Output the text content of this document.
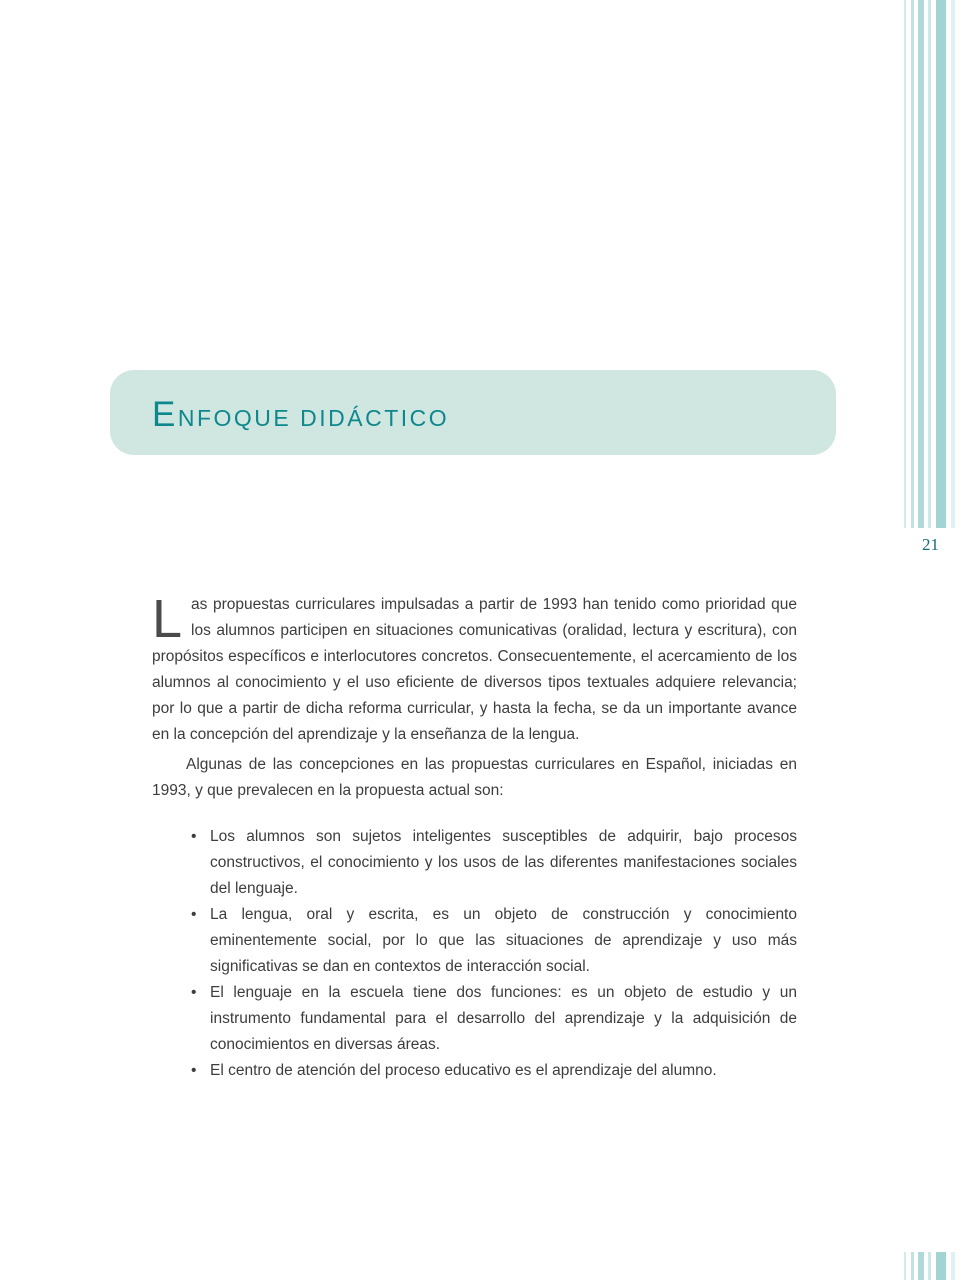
E NFOQUE DIDÁCTICO
21

Las propuestas curriculares impulsadas a partir de 1993 han tenido como prioridad que los alumnos participen en situaciones comunicativas (oralidad, lectura y escritura), con propósitos específicos e interlocutores concretos. Consecuentemente, el acercamiento de los alumnos al conocimiento y el uso eficiente de diversos tipos textuales adquiere relevancia; por lo que a partir de dicha reforma curricular, y hasta la fecha, se da un importante avance en la concepción del aprendizaje y la enseñanza de la lengua.

Algunas de las concepciones en las propuestas curriculares en Español, iniciadas en 1993, y que prevalecen en la propuesta actual son:

• Los alumnos son sujetos inteligentes susceptibles de adquirir, bajo procesos constructivos, el conocimiento y los usos de las diferentes manifestaciones sociales del lenguaje.
• La lengua, oral y escrita, es un objeto de construcción y conocimiento eminentemente social, por lo que las situaciones de aprendizaje y uso más significativas se dan en contextos de interacción social.
• El lenguaje en la escuela tiene dos funciones: es un objeto de estudio y un instrumento fundamental para el desarrollo del aprendizaje y la adquisición de conocimientos en diversas áreas.
• El centro de atención del proceso educativo es el aprendizaje del alumno.
